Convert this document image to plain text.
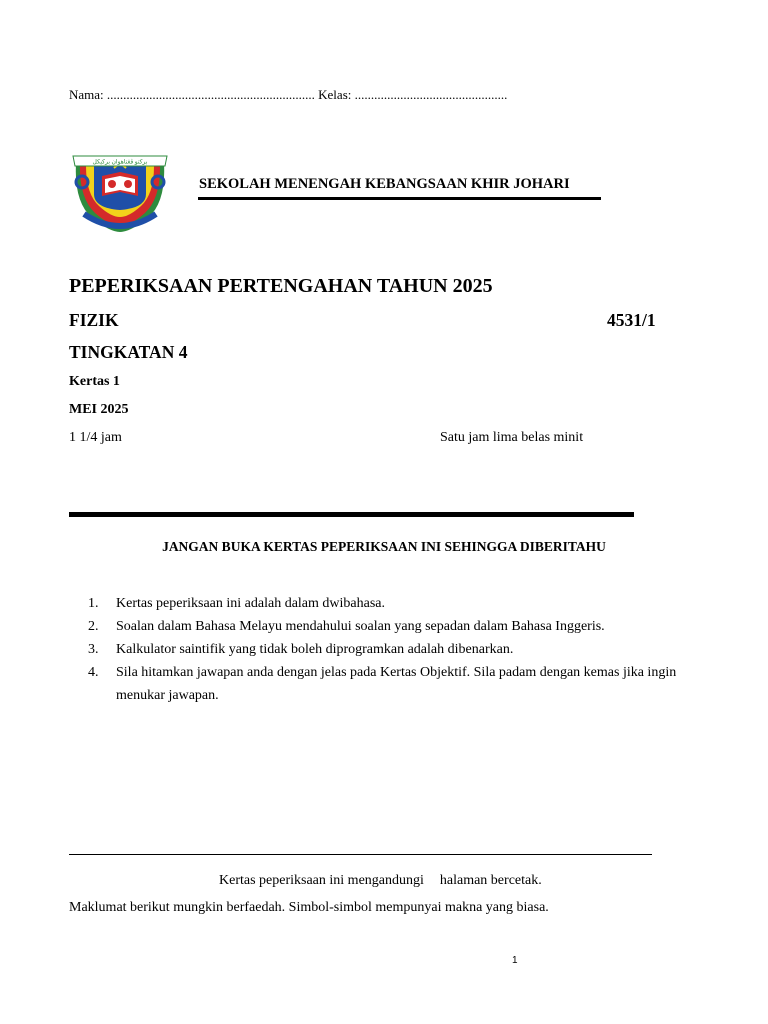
Nama: ................................................................ Kelas: ...............................................
بركتو ڤڠتاهوان بركيكل
SEKOLAH MENENGAH KEBANGSAAN KHIR JOHARI
PEPERIKSAAN PERTENGAHAN TAHUN 2025
FIZIK	4531/1
TINGKATAN 4
Kertas 1
MEI 2025
1 1/4 jam	Satu jam lima belas minit
JANGAN BUKA KERTAS PEPERIKSAAN INI SEHINGGA DIBERITAHU
1. Kertas peperiksaan ini adalah dalam dwibahasa.
2. Soalan dalam Bahasa Melayu mendahului soalan yang sepadan dalam Bahasa Inggeris.
3. Kalkulator saintifik yang tidak boleh diprogramkan adalah dibenarkan.
4. Sila hitamkan jawapan anda dengan jelas pada Kertas Objektif. Sila padam dengan kemas jika ingin menukar jawapan.
Kertas peperiksaan ini mengandungi halaman bercetak.
Maklumat berikut mungkin berfaedah. Simbol-simbol mempunyai makna yang biasa.
1
